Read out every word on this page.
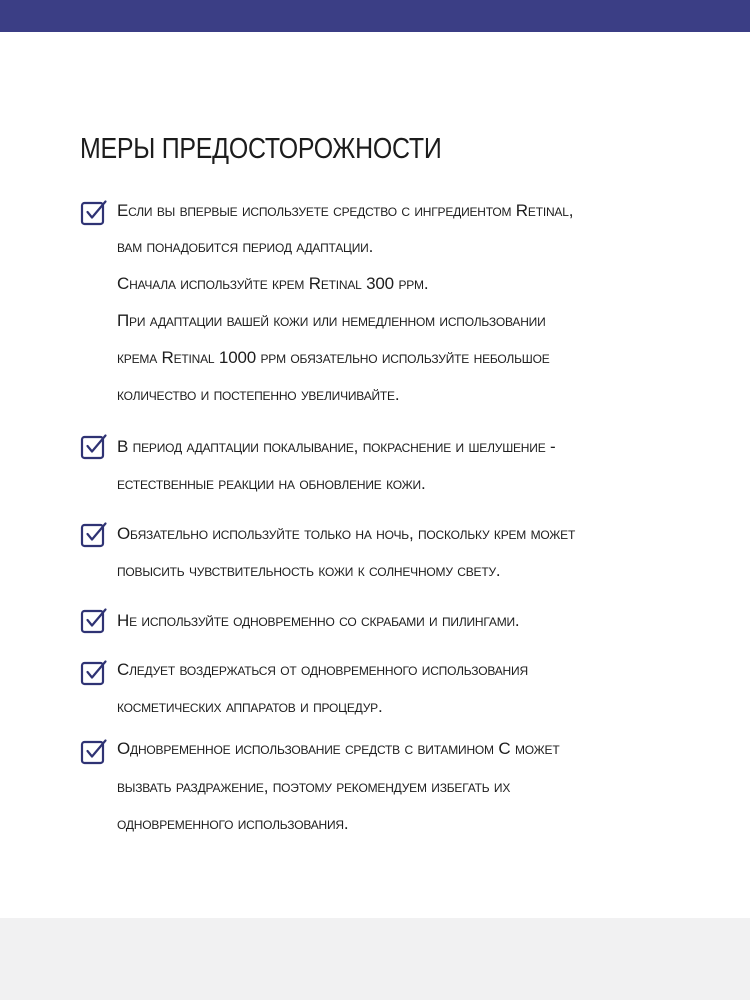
МЕРЫ ПРЕДОСТОРОЖНОСТИ
Если вы впервые используете средство с ингредиентом Retinal,
вам понадобится период адаптации.
Сначала используйте крем Retinal 300 ppm.
При адаптации вашей кожи или немедленном использовании
крема Retinal 1000 ppm обязательно используйте небольшое
количество и постепенно увеличивайте.
В период адаптации покалывание, покраснение и шелушение -
естественные реакции на обновление кожи.
Обязательно используйте только на ночь, поскольку крем может
повысить чувствительность кожи к солнечному свету.
Не используйте одновременно со скрабами и пилингами.
Следует воздержаться от одновременного использования
косметических аппаратов и процедур.
Одновременное использование средств с витамином С может
вызвать раздражение, поэтому рекомендуем избегать их
одновременного использования.
